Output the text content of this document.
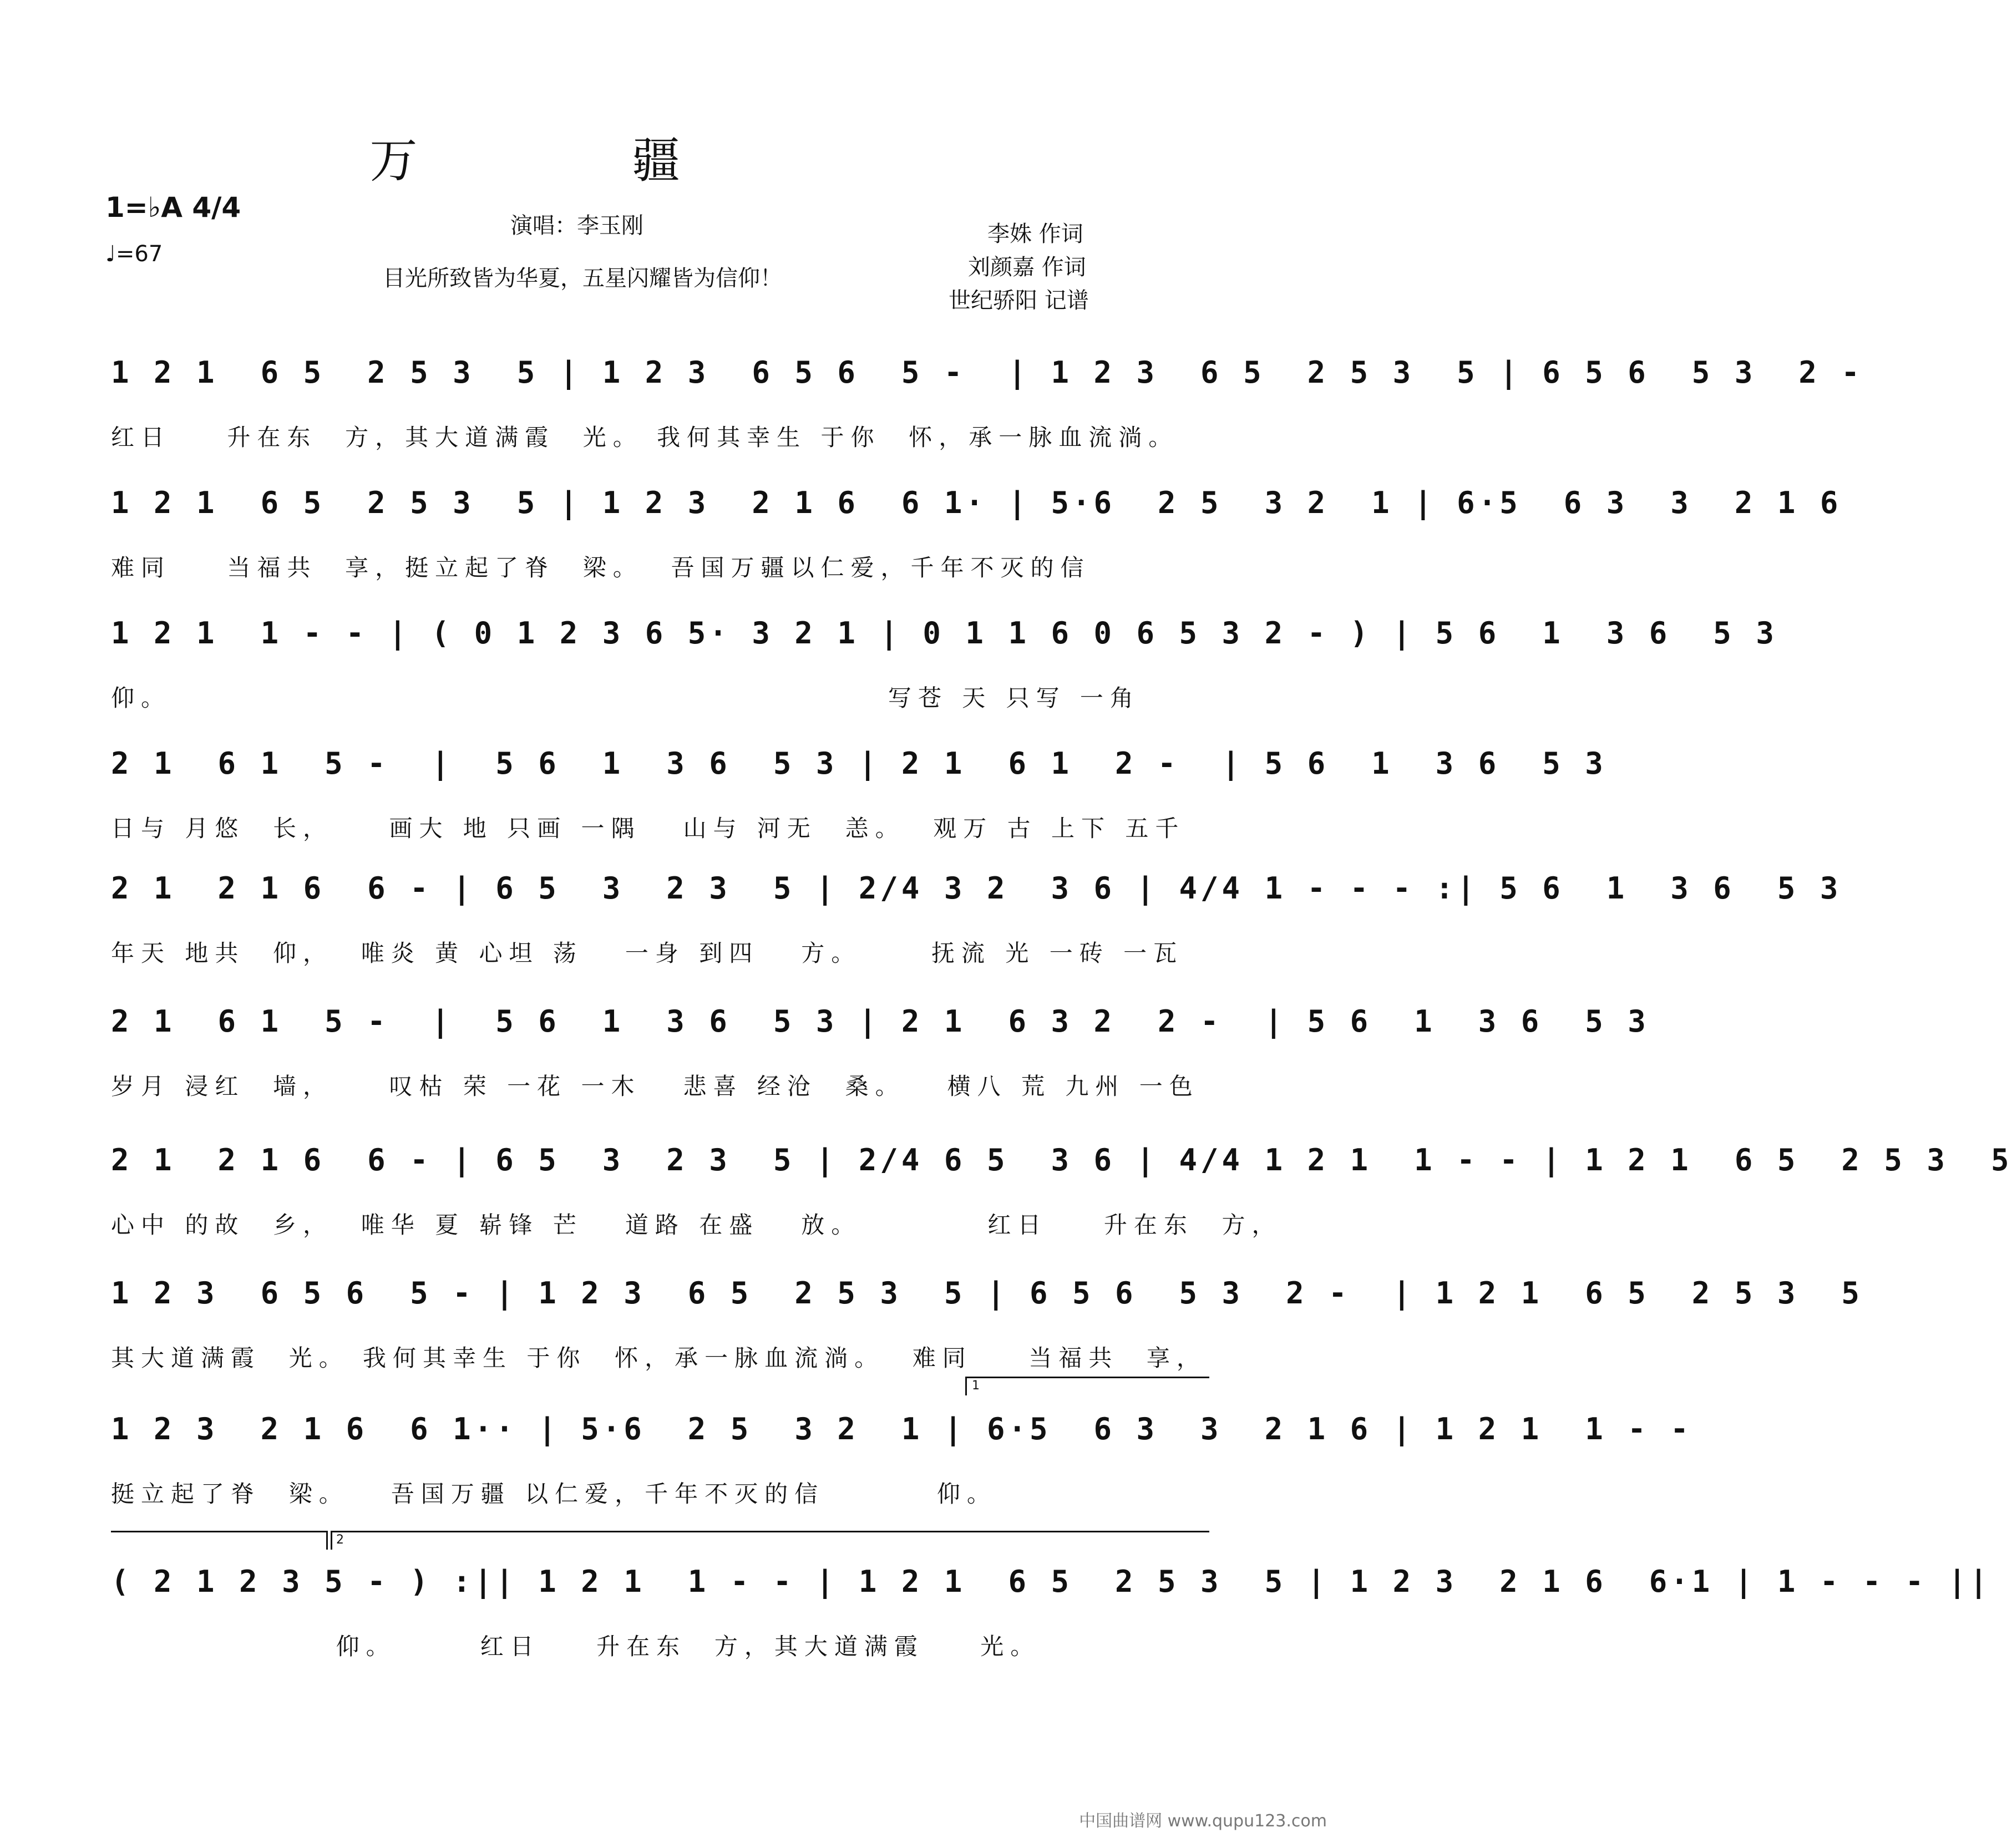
万 疆
1=♭A 4/4
♩=67
演唱：李玉刚
目光所致皆为华夏，五星闪耀皆为信仰！
李姝 作词
刘颜嘉 作词
世纪骄阳 记谱
1 2 1  6 5  2 5 3  5 | 1 2 3  6 5 6  5 -  | 1 2 3  6 5  2 5 3  5 | 6 5 6  5 3  2 -
红日    升在东  方，其大道满霞  光。 我何其幸生 于你  怀，承一脉血流淌。
1 2 1  6 5  2 5 3  5 | 1 2 3  2 1 6  6 1· | 5·6  2 5  3 2  1 | 6·5  6 3  3  2 1 6
难同    当福共  享，挺立起了脊  梁。  吾国万疆以仁爱，千年不灭的信
1 2 1  1 - - | ( 0 1 2 3 6 5· 3 2 1 | 0 1 1 6 0 6 5 3 2 - ) | 5 6  1  3 6  5 3
仰。                                                   写苍 天 只写 一角
2 1  6 1  5 -  |  5 6  1  3 6  5 3 | 2 1  6 1  2 -  | 5 6  1  3 6  5 3
日与 月悠  长，    画大 地 只画 一隅   山与 河无  恙。  观万 古 上下 五千
2 1  2 1 6  6 - | 6 5  3  2 3  5 | 2/4 3 2  3 6 | 4/4 1 - - - :| 5 6  1  3 6  5 3
年天 地共  仰，  唯炎 黄 心坦 荡   一身 到四   方。     抚流 光 一砖 一瓦
2 1  6 1  5 -  |  5 6  1  3 6  5 3 | 2 1  6 3 2  2 -  | 5 6  1  3 6  5 3
岁月 浸红  墙，    叹枯 荣 一花 一木   悲喜 经沧  桑。   横八 荒 九州 一色
2 1  2 1 6  6 - | 6 5  3  2 3  5 | 2/4 6 5  3 6 | 4/4 1 2 1  1 - - | 1 2 1  6 5  2 5 3  5
心中 的故  乡，  唯华 夏 崭锋 芒   道路 在盛   放。         红日    升在东  方，
1 2 3  6 5 6  5 - | 1 2 3  6 5  2 5 3  5 | 6 5 6  5 3  2 -  | 1 2 1  6 5  2 5 3  5
其大道满霞  光。 我何其幸生 于你  怀，承一脉血流淌。  难同    当福共  享，
1 2 3  2 1 6  6 1·· | 5·6  2 5  3 2  1 | 6·5  6 3  3  2 1 6 | 1 2 1  1 - -
挺立起了脊  梁。   吾国万疆 以仁爱，千年不灭的信        仰。
1
( 2 1 2 3 5 - ) :|| 1 2 1  1 - - | 1 2 1  6 5  2 5 3  5 | 1 2 3  2 1 6  6·1 | 1 - - - ||
仰。      红日    升在东  方，其大道满霞    光。
2
中国曲谱网 www.qupu123.com
